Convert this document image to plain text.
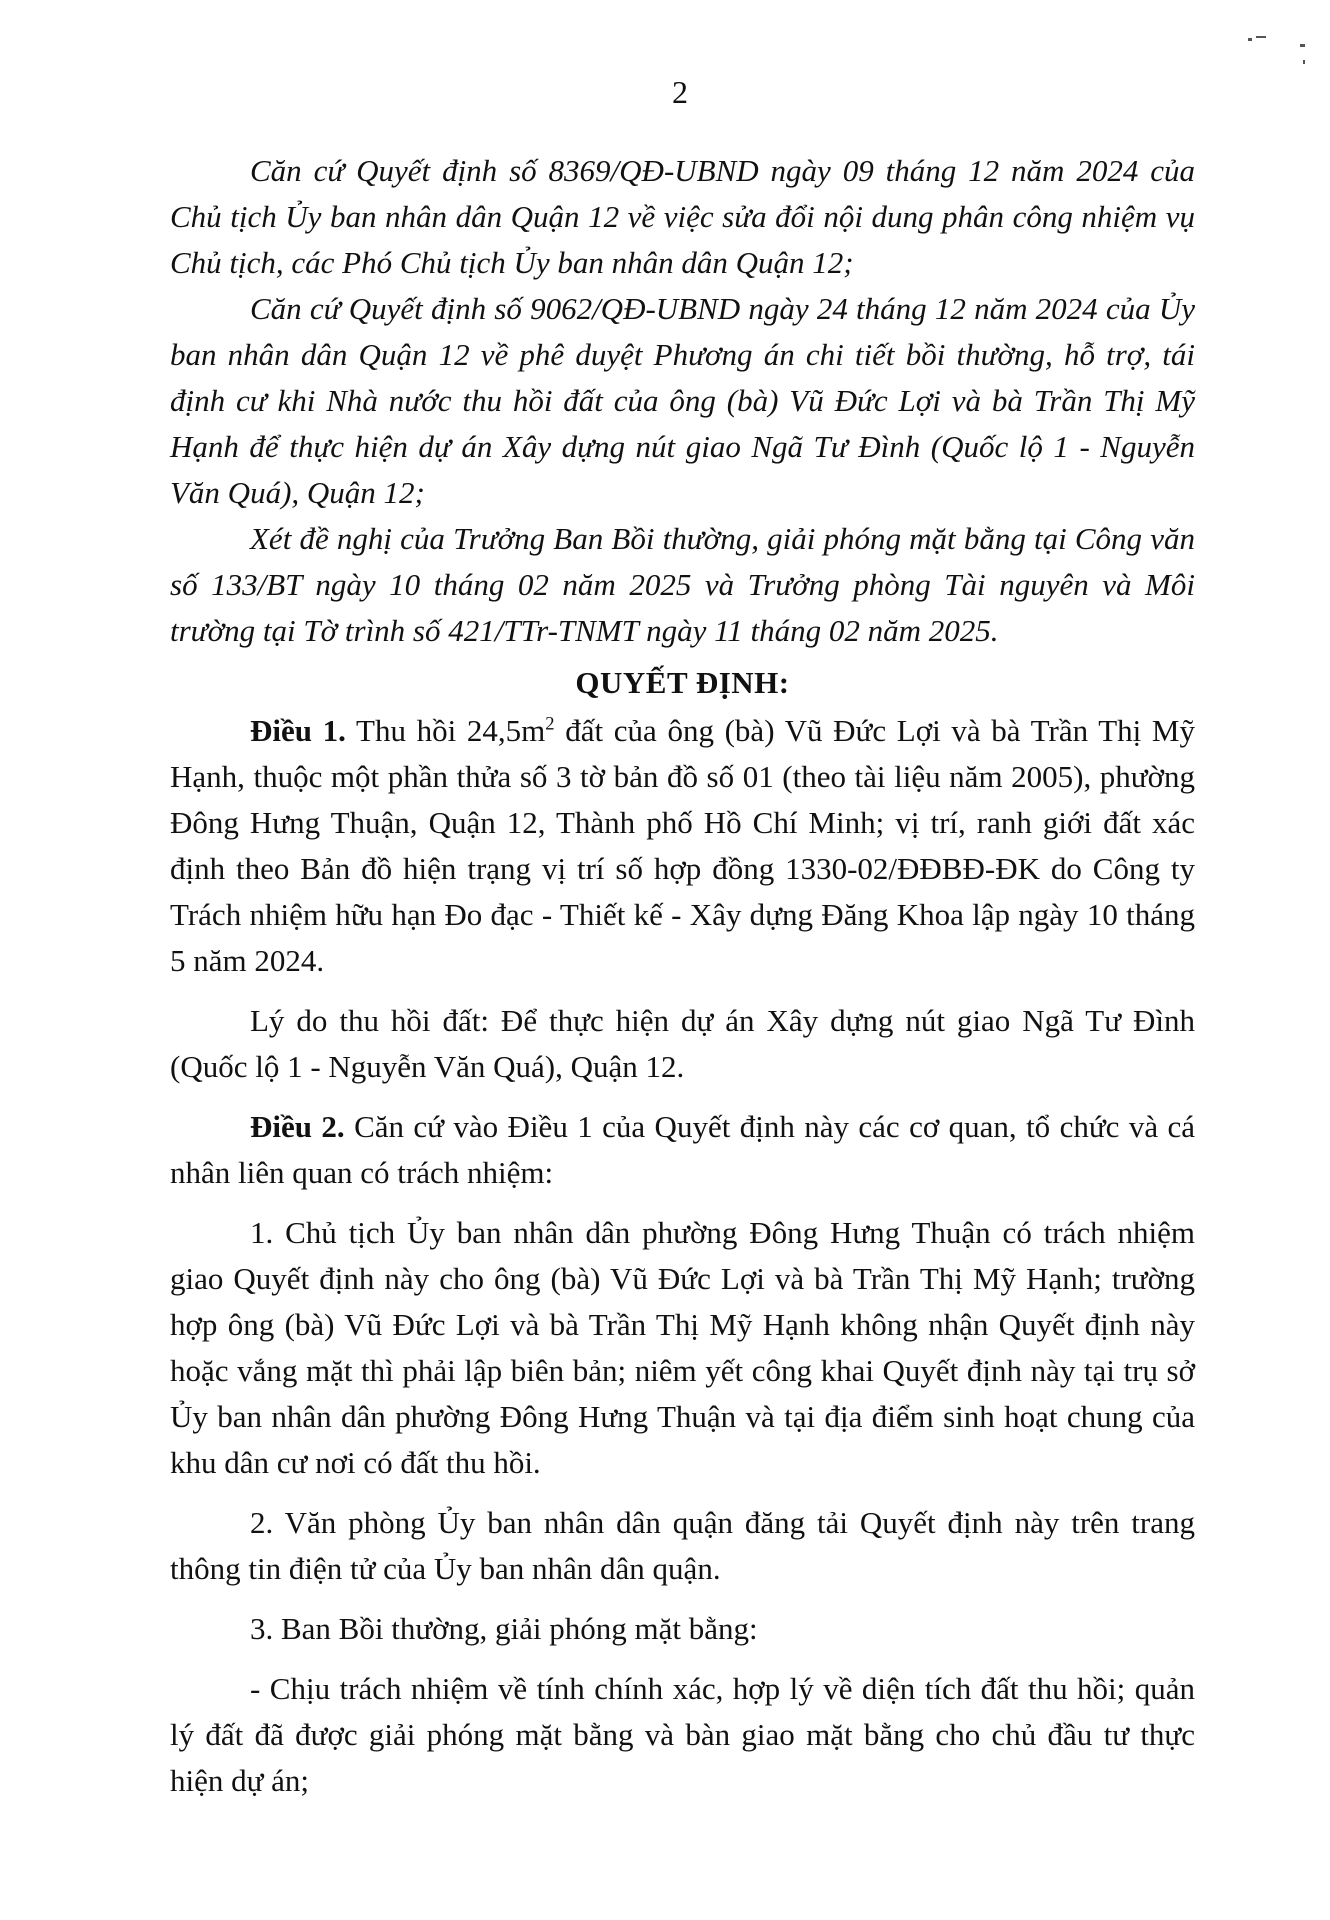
2

Căn cứ Quyết định số 8369/QĐ-UBND ngày 09 tháng 12 năm 2024 của Chủ tịch Ủy ban nhân dân Quận 12 về việc sửa đổi nội dung phân công nhiệm vụ Chủ tịch, các Phó Chủ tịch Ủy ban nhân dân Quận 12;

Căn cứ Quyết định số 9062/QĐ-UBND ngày 24 tháng 12 năm 2024 của Ủy ban nhân dân Quận 12 về phê duyệt Phương án chi tiết bồi thường, hỗ trợ, tái định cư khi Nhà nước thu hồi đất của ông (bà) Vũ Đức Lợi và bà Trần Thị Mỹ Hạnh để thực hiện dự án Xây dựng nút giao Ngã Tư Đình (Quốc lộ 1 - Nguyễn Văn Quá), Quận 12;

Xét đề nghị của Trưởng Ban Bồi thường, giải phóng mặt bằng tại Công văn số 133/BT ngày 10 tháng 02 năm 2025 và Trưởng phòng Tài nguyên và Môi trường tại Tờ trình số 421/TTr-TNMT ngày 11 tháng 02 năm 2025.

QUYẾT ĐỊNH:

Điều 1. Thu hồi $24,5m^2$ đất của ông (bà) Vũ Đức Lợi và bà Trần Thị Mỹ Hạnh, thuộc một phần thửa số 3 tờ bản đồ số 01 (theo tài liệu năm 2005), phường Đông Hưng Thuận, Quận 12, Thành phố Hồ Chí Minh; vị trí, ranh giới đất xác định theo Bản đồ hiện trạng vị trí số hợp đồng 1330-02/ĐĐBĐ-ĐK do Công ty Trách nhiệm hữu hạn Đo đạc - Thiết kế - Xây dựng Đăng Khoa lập ngày 10 tháng 5 năm 2024.

Lý do thu hồi đất: Để thực hiện dự án Xây dựng nút giao Ngã Tư Đình (Quốc lộ 1 - Nguyễn Văn Quá), Quận 12.

Điều 2. Căn cứ vào Điều 1 của Quyết định này các cơ quan, tổ chức và cá nhân liên quan có trách nhiệm:

1. Chủ tịch Ủy ban nhân dân phường Đông Hưng Thuận có trách nhiệm giao Quyết định này cho ông (bà) Vũ Đức Lợi và bà Trần Thị Mỹ Hạnh; trường hợp ông (bà) Vũ Đức Lợi và bà Trần Thị Mỹ Hạnh không nhận Quyết định này hoặc vắng mặt thì phải lập biên bản; niêm yết công khai Quyết định này tại trụ sở Ủy ban nhân dân phường Đông Hưng Thuận và tại địa điểm sinh hoạt chung của khu dân cư nơi có đất thu hồi.

2. Văn phòng Ủy ban nhân dân quận đăng tải Quyết định này trên trang thông tin điện tử của Ủy ban nhân dân quận.

3. Ban Bồi thường, giải phóng mặt bằng:

- Chịu trách nhiệm về tính chính xác, hợp lý về diện tích đất thu hồi; quản lý đất đã được giải phóng mặt bằng và bàn giao mặt bằng cho chủ đầu tư thực hiện dự án;
